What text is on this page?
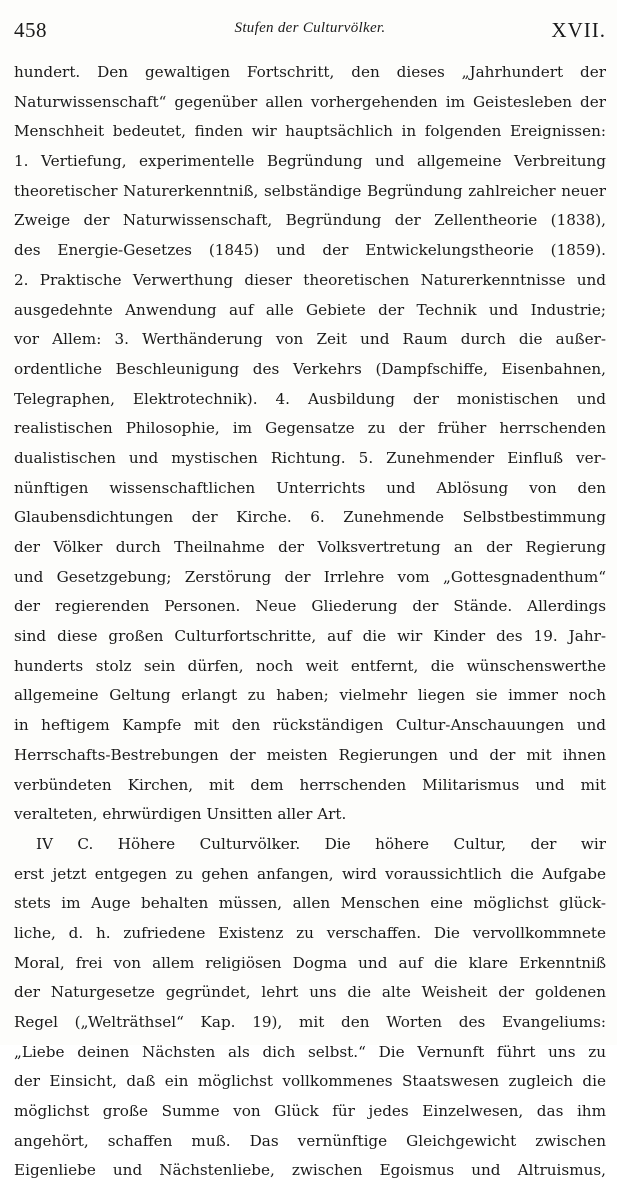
458	Stufen der Culturvölker.	XVII.
hundert. Den gewaltigen Fortschritt, den dieses „Jahrhundert der
Naturwissenschaft“ gegenüber allen vorhergehenden im Geistesleben der
Menschheit bedeutet, finden wir hauptsächlich in folgenden Ereignissen:
1. Vertiefung, experimentelle Begründung und allgemeine Verbreitung
theoretischer Naturerkenntniß, selbständige Begründung zahlreicher neuer
Zweige der Naturwissenschaft, Begründung der Zellentheorie (1838),
des Energie-Gesetzes (1845) und der Entwickelungstheorie (1859).
2. Praktische Verwerthung dieser theoretischen Naturerkenntnisse und
ausgedehnte Anwendung auf alle Gebiete der Technik und Industrie;
vor Allem: 3. Werthänderung von Zeit und Raum durch die außer-
ordentliche Beschleunigung des Verkehrs (Dampfschiffe, Eisenbahnen,
Telegraphen, Elektrotechnik). 4. Ausbildung der monistischen und
realistischen Philosophie, im Gegensatze zu der früher herrschenden
dualistischen und mystischen Richtung. 5. Zunehmender Einfluß ver-
nünftigen wissenschaftlichen Unterrichts und Ablösung von den
Glaubensdichtungen der Kirche. 6. Zunehmende Selbstbestimmung
der Völker durch Theilnahme der Volksvertretung an der Regierung
und Gesetzgebung; Zerstörung der Irrlehre vom „Gottesgnadenthum“
der regierenden Personen. Neue Gliederung der Stände. Allerdings
sind diese großen Culturfortschritte, auf die wir Kinder des 19. Jahr-
hunderts stolz sein dürfen, noch weit entfernt, die wünschenswerthe
allgemeine Geltung erlangt zu haben; vielmehr liegen sie immer noch
in heftigem Kampfe mit den rückständigen Cultur-Anschauungen und
Herrschafts-Bestrebungen der meisten Regierungen und der mit ihnen
verbündeten Kirchen, mit dem herrschenden Militarismus und mit
veralteten, ehrwürdigen Unsitten aller Art.
IV C. Höhere Culturvölker. Die höhere Cultur, der wir
erst jetzt entgegen zu gehen anfangen, wird voraussichtlich die Aufgabe
stets im Auge behalten müssen, allen Menschen eine möglichst glück-
liche, d. h. zufriedene Existenz zu verschaffen. Die vervollkommnete
Moral, frei von allem religiösen Dogma und auf die klare Erkenntniß
der Naturgesetze gegründet, lehrt uns die alte Weisheit der goldenen
Regel („Welträthsel“ Kap. 19), mit den Worten des Evangeliums:
„Liebe deinen Nächsten als dich selbst.“ Die Vernunft führt uns zu
der Einsicht, daß ein möglichst vollkommenes Staatswesen zugleich die
möglichst große Summe von Glück für jedes Einzelwesen, das ihm
angehört, schaffen muß. Das vernünftige Gleichgewicht zwischen
Eigenliebe und Nächstenliebe, zwischen Egoismus und Altruismus,
